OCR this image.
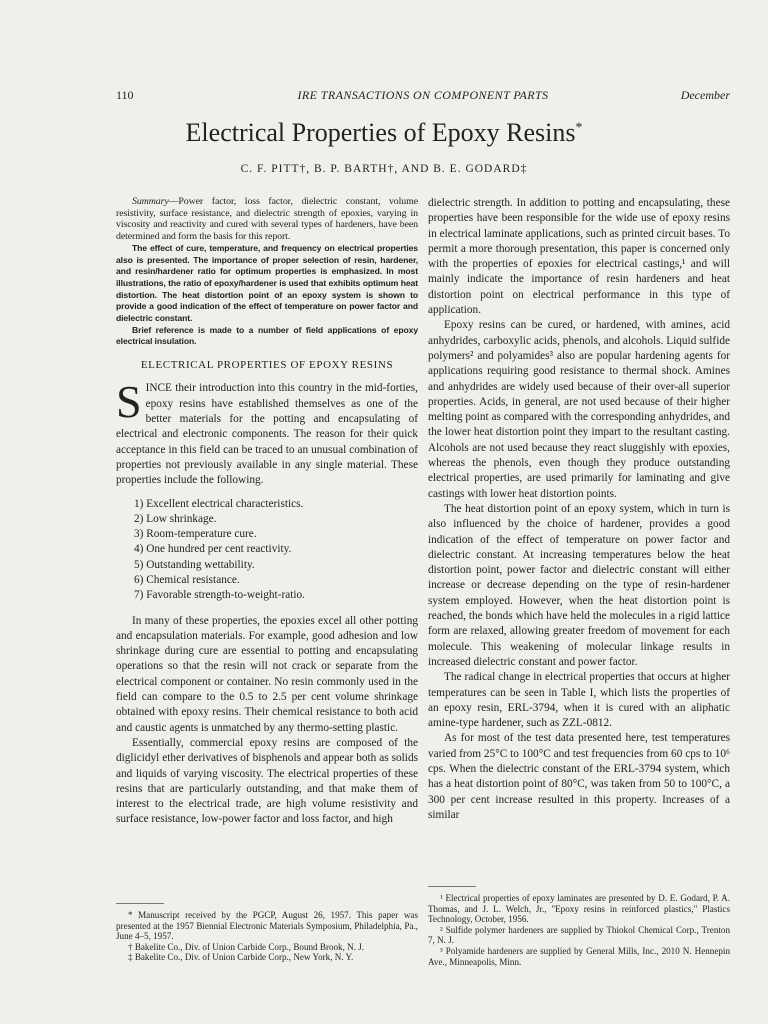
110	IRE TRANSACTIONS ON COMPONENT PARTS	December
Electrical Properties of Epoxy Resins*
C. F. PITT†, B. P. BARTH†, AND B. E. GODARD‡

Summary—Power factor, loss factor, dielectric constant, volume resistivity, surface resistance, and dielectric strength of epoxies, varying in viscosity and reactivity and cured with several types of hardeners, have been determined and form the basis for this report.

The effect of cure, temperature, and frequency on electrical properties also is presented. The importance of proper selection of resin, hardener, and resin/hardener ratio for optimum properties is emphasized. In most illustrations, the ratio of epoxy/hardener is used that exhibits optimum heat distortion. The heat distortion point of an epoxy system is shown to provide a good indication of the effect of temperature on power factor and dielectric constant.

Brief reference is made to a number of field applications of epoxy electrical insulation.

ELECTRICAL PROPERTIES OF EPOXY RESINS

SINCE their introduction into this country in the mid-forties, epoxy resins have established themselves as one of the better materials for the potting and encapsulating of electrical and electronic components. The reason for their quick acceptance in this field can be traced to an unusual combination of properties not previously available in any single material. These properties include the following.

1) Excellent electrical characteristics.
2) Low shrinkage.
3) Room-temperature cure.
4) One hundred per cent reactivity.
5) Outstanding wettability.
6) Chemical resistance.
7) Favorable strength-to-weight-ratio.

In many of these properties, the epoxies excel all other potting and encapsulation materials. For example, good adhesion and low shrinkage during cure are essential to potting and encapsulating operations so that the resin will not crack or separate from the electrical component or container. No resin commonly used in the field can compare to the 0.5 to 2.5 per cent volume shrinkage obtained with epoxy resins. Their chemical resistance to both acid and caustic agents is unmatched by any thermo-setting plastic.

Essentially, commercial epoxy resins are composed of the diglicidyl ether derivatives of bisphenols and appear both as solids and liquids of varying viscosity. The electrical properties of these resins that are particularly outstanding, and that make them of interest to the electrical trade, are high volume resistivity and surface resistance, low-power factor and loss factor, and high

dielectric strength. In addition to potting and encapsulating, these properties have been responsible for the wide use of epoxy resins in electrical laminate applications, such as printed circuit bases. To permit a more thorough presentation, this paper is concerned only with the properties of epoxies for electrical castings,¹ and will mainly indicate the importance of resin hardeners and heat distortion point on electrical performance in this type of application.

Epoxy resins can be cured, or hardened, with amines, acid anhydrides, carboxylic acids, phenols, and alcohols. Liquid sulfide polymers² and polyamides³ also are popular hardening agents for applications requiring good resistance to thermal shock. Amines and anhydrides are widely used because of their over-all superior properties. Acids, in general, are not used because of their higher melting point as compared with the corresponding anhydrides, and the lower heat distortion point they impart to the resultant casting. Alcohols are not used because they react sluggishly with epoxies, whereas the phenols, even though they produce outstanding electrical properties, are used primarily for laminating and give castings with lower heat distortion points.

The heat distortion point of an epoxy system, which in turn is also influenced by the choice of hardener, provides a good indication of the effect of temperature on power factor and dielectric constant. At increasing temperatures below the heat distortion point, power factor and dielectric constant will either increase or decrease depending on the type of resin-hardener system employed. However, when the heat distortion point is reached, the bonds which have held the molecules in a rigid lattice form are relaxed, allowing greater freedom of movement for each molecule. This weakening of molecular linkage results in increased dielectric constant and power factor.

The radical change in electrical properties that occurs at higher temperatures can be seen in Table I, which lists the properties of an epoxy resin, ERL-3794, when it is cured with an aliphatic amine-type hardener, such as ZZL-0812.

As for most of the test data presented here, test temperatures varied from 25°C to 100°C and test frequencies from 60 cps to 10⁶ cps. When the dielectric constant of the ERL-3794 system, which has a heat distortion point of 80°C, was taken from 50 to 100°C, a 300 per cent increase resulted in this property. Increases of a similar

* Manuscript received by the PGCP, August 26, 1957. This paper was presented at the 1957 Biennial Electronic Materials Symposium, Philadelphia, Pa., June 4–5, 1957.

† Bakelite Co., Div. of Union Carbide Corp., Bound Brook, N. J.

‡ Bakelite Co., Div. of Union Carbide Corp., New York, N. Y.

¹ Electrical properties of epoxy laminates are presented by D. E. Godard, P. A. Thomas, and J. L. Welch, Jr., "Epoxy resins in reinforced plastics," Plastics Technology, October, 1956.

² Sulfide polymer hardeners are supplied by Thiokol Chemical Corp., Trenton 7, N. J.

³ Polyamide hardeners are supplied by General Mills, Inc., 2010 N. Hennepin Ave., Minneapolis, Minn.
